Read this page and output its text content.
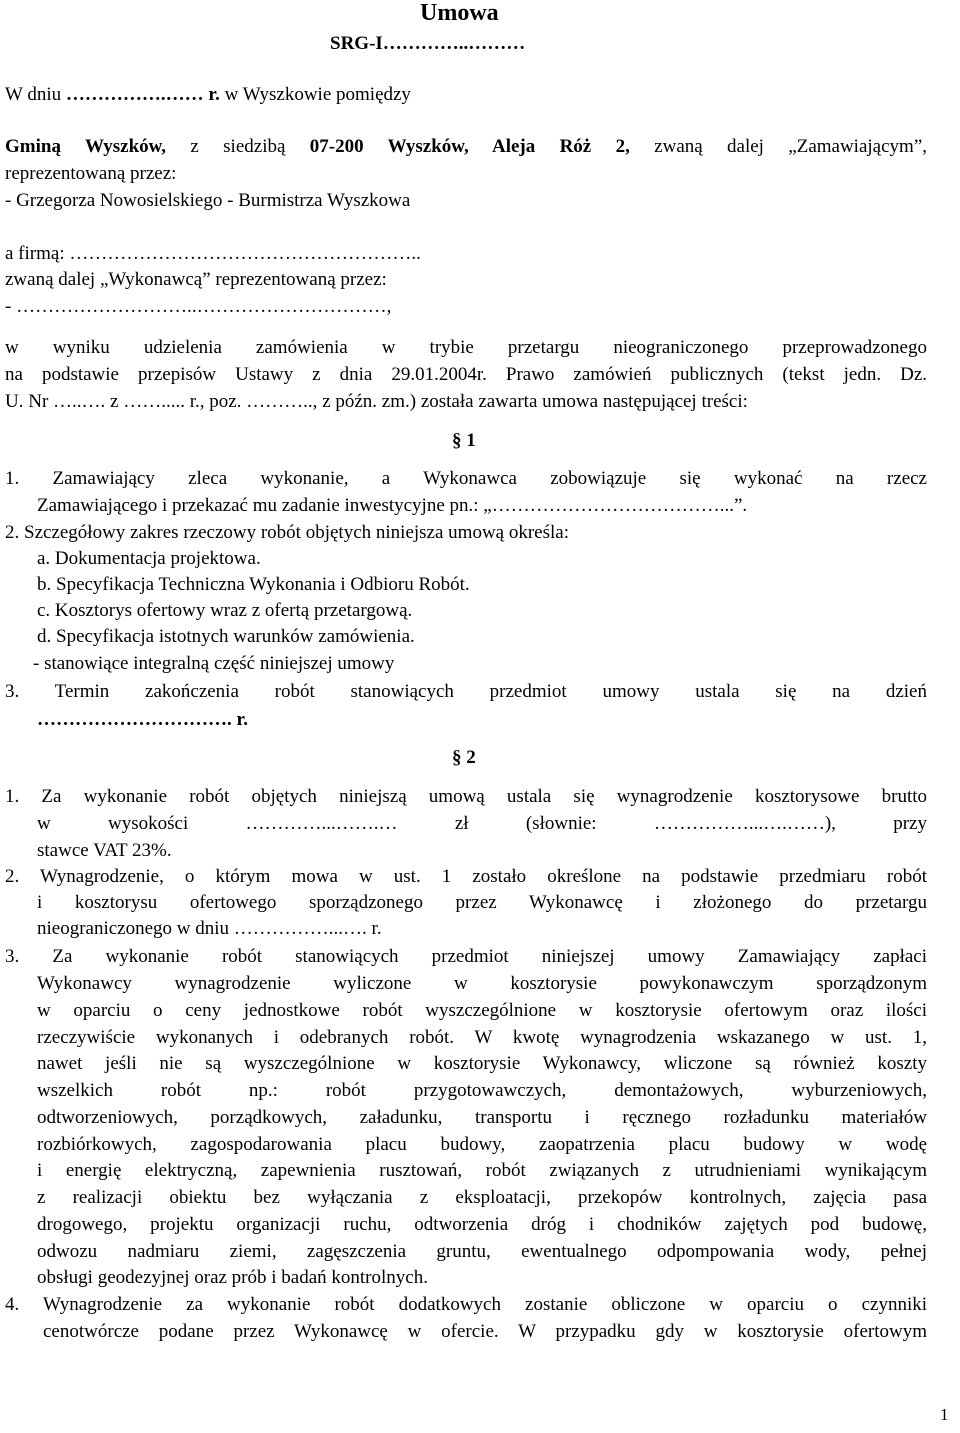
Umowa
SRG-I…………..………
W dniu …………….…… r. w Wyszkowie pomiędzy
Gminą Wyszków, z siedzibą 07-200 Wyszków, Aleja Róż 2, zwaną dalej „Zamawiającym”,
reprezentowaną przez:
- Grzegorza Nowosielskiego - Burmistrza Wyszkowa
a firmą: ………………………………………………..
zwaną dalej „Wykonawcą” reprezentowaną przez:
- ………………………..…………………………,
w wyniku udzielenia zamówienia w trybie przetargu nieograniczonego przeprowadzonego
na podstawie przepisów Ustawy z dnia 29.01.2004r. Prawo zamówień publicznych (tekst jedn. Dz.
U. Nr …..…. z ……..... r., poz. ……….., z późn. zm.) została zawarta umowa następującej treści:
§ 1
1. Zamawiający zleca wykonanie, a Wykonawca zobowiązuje się wykonać na rzecz
Zamawiającego i przekazać mu zadanie inwestycyjne pn.: „………………………………...”.
2. Szczegółowy zakres rzeczowy robót objętych niniejsza umową określa:
a. Dokumentacja projektowa.
b. Specyfikacja Techniczna Wykonania i Odbioru Robót.
c. Kosztorys ofertowy wraz z ofertą przetargową.
d. Specyfikacja istotnych warunków zamówienia.
- stanowiące integralną część niniejszej umowy
3. Termin zakończenia robót stanowiących przedmiot umowy ustala się na dzień
…………………………. r.
§ 2
1. Za wykonanie robót objętych niniejszą umową ustala się wynagrodzenie kosztorysowe brutto
w wysokości …………...…….… zł (słownie: ……………...….……), przy
stawce VAT 23%.
2. Wynagrodzenie, o którym mowa w ust. 1 zostało określone na podstawie przedmiaru robót
i kosztorysu ofertowego sporządzonego przez Wykonawcę i złożonego do przetargu
nieograniczonego w dniu ……………...…. r.
3. Za wykonanie robót stanowiących przedmiot niniejszej umowy Zamawiający zapłaci
Wykonawcy wynagrodzenie wyliczone w kosztorysie powykonawczym sporządzonym
w oparciu o ceny jednostkowe robót wyszczególnione w kosztorysie ofertowym oraz ilości
rzeczywiście wykonanych i odebranych robót. W kwotę wynagrodzenia wskazanego w ust. 1,
nawet jeśli nie są wyszczególnione w kosztorysie Wykonawcy, wliczone są również koszty
wszelkich robót np.: robót przygotowawczych, demontażowych, wyburzeniowych,
odtworzeniowych, porządkowych, załadunku, transportu i ręcznego rozładunku materiałów
rozbiórkowych, zagospodarowania placu budowy, zaopatrzenia placu budowy w wodę
i energię elektryczną, zapewnienia rusztowań, robót związanych z utrudnieniami wynikającym
z realizacji obiektu bez wyłączania z eksploatacji, przekopów kontrolnych, zajęcia pasa
drogowego, projektu organizacji ruchu, odtworzenia dróg i chodników zajętych pod budowę,
odwozu nadmiaru ziemi, zagęszczenia gruntu, ewentualnego odpompowania wody, pełnej
obsługi geodezyjnej oraz prób i badań kontrolnych.
4. Wynagrodzenie za wykonanie robót dodatkowych zostanie obliczone w oparciu o czynniki
cenotwórcze podane przez Wykonawcę w ofercie. W przypadku gdy w kosztorysie ofertowym
1
